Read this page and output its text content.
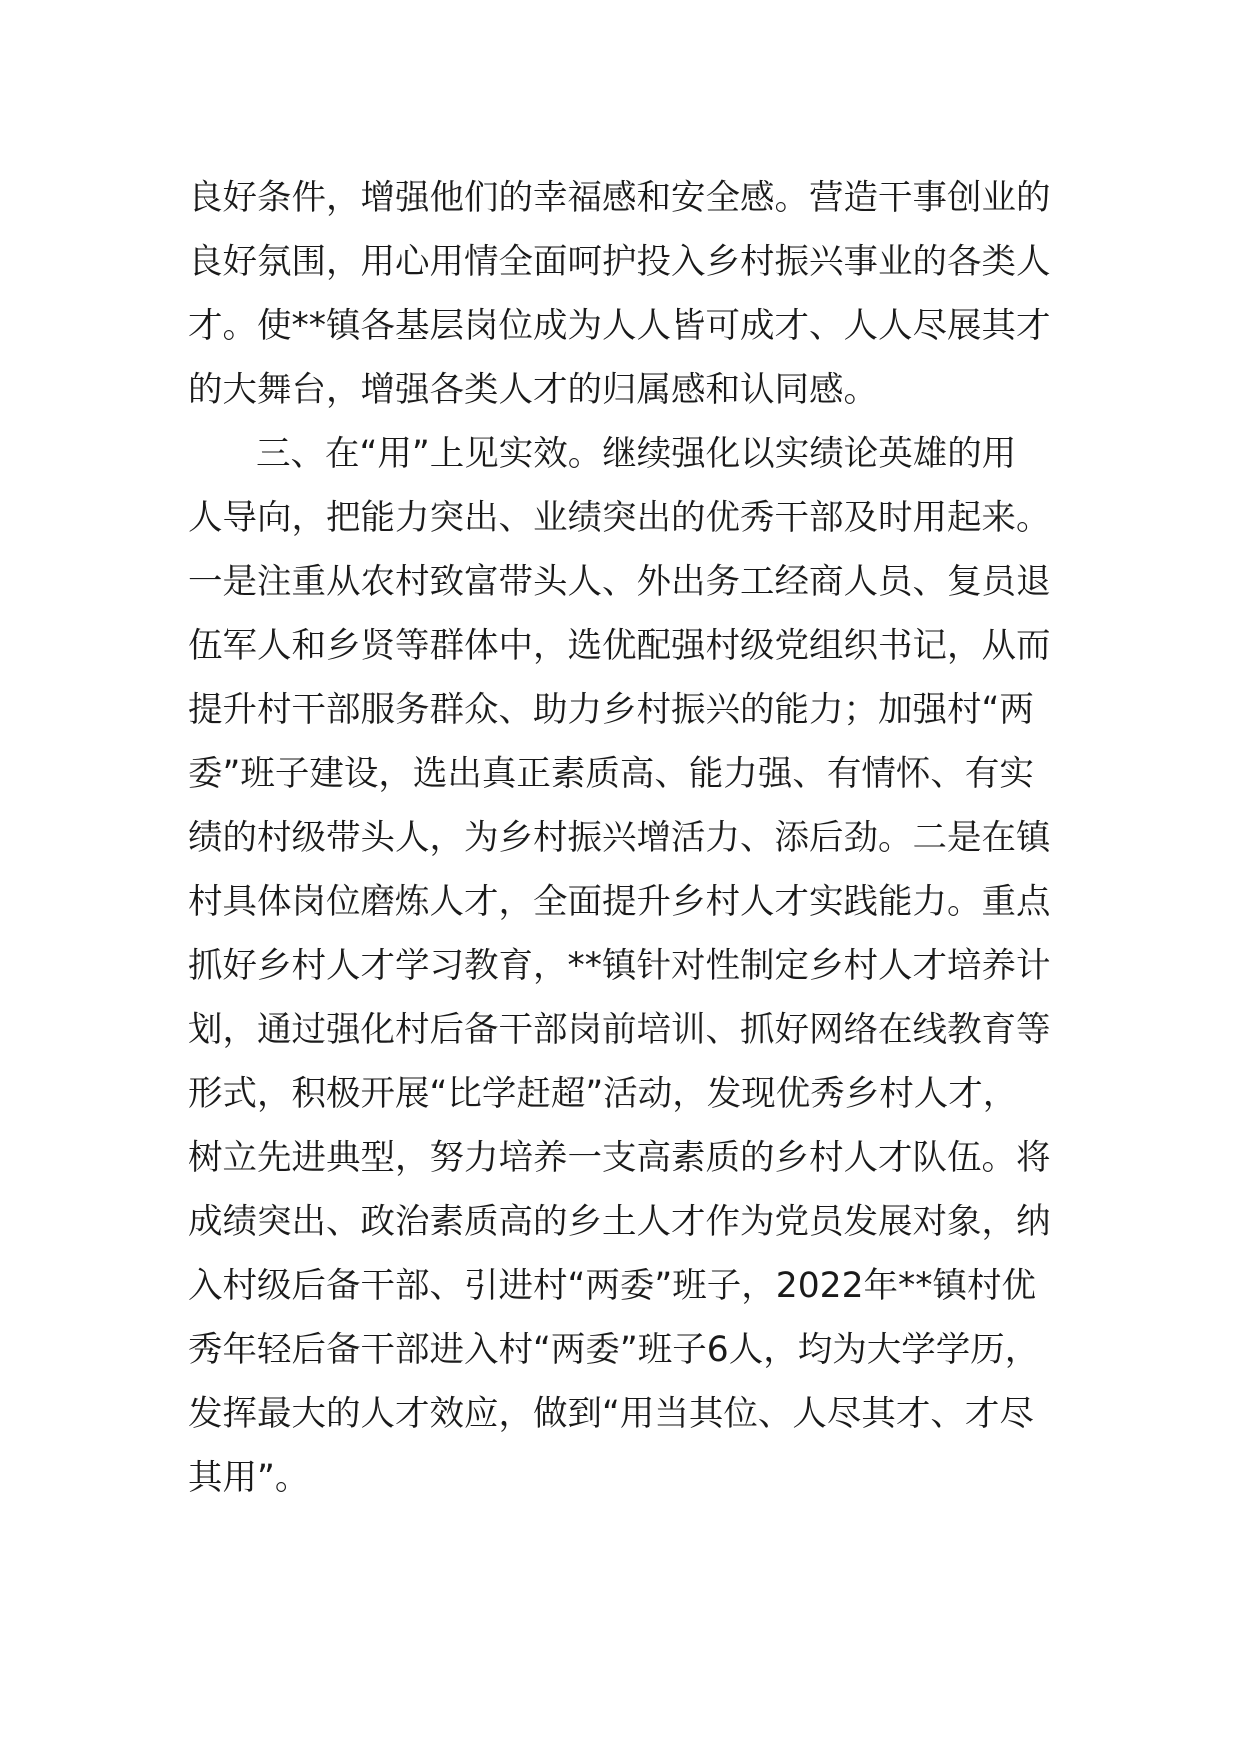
良好条件，增强他们的幸福感和安全感。营造干事创业的
良好氛围，用心用情全面呵护投入乡村振兴事业的各类人
才。使**镇各基层岗位成为人人皆可成才、人人尽展其才
的大舞台，增强各类人才的归属感和认同感。
三、在“用”上见实效。继续强化以实绩论英雄的用
人导向，把能力突出、业绩突出的优秀干部及时用起来。
一是注重从农村致富带头人、外出务工经商人员、复员退
伍军人和乡贤等群体中，选优配强村级党组织书记，从而
提升村干部服务群众、助力乡村振兴的能力；加强村“两
委”班子建设，选出真正素质高、能力强、有情怀、有实
绩的村级带头人，为乡村振兴增活力、添后劲。二是在镇
村具体岗位磨炼人才，全面提升乡村人才实践能力。重点
抓好乡村人才学习教育，**镇针对性制定乡村人才培养计
划，通过强化村后备干部岗前培训、抓好网络在线教育等
形式，积极开展“比学赶超”活动，发现优秀乡村人才，
树立先进典型，努力培养一支高素质的乡村人才队伍。将
成绩突出、政治素质高的乡土人才作为党员发展对象，纳
入村级后备干部、引进村“两委”班子，2022年**镇村优
秀年轻后备干部进入村“两委”班子6人，均为大学学历，
发挥最大的人才效应，做到“用当其位、人尽其才、才尽
其用”。
